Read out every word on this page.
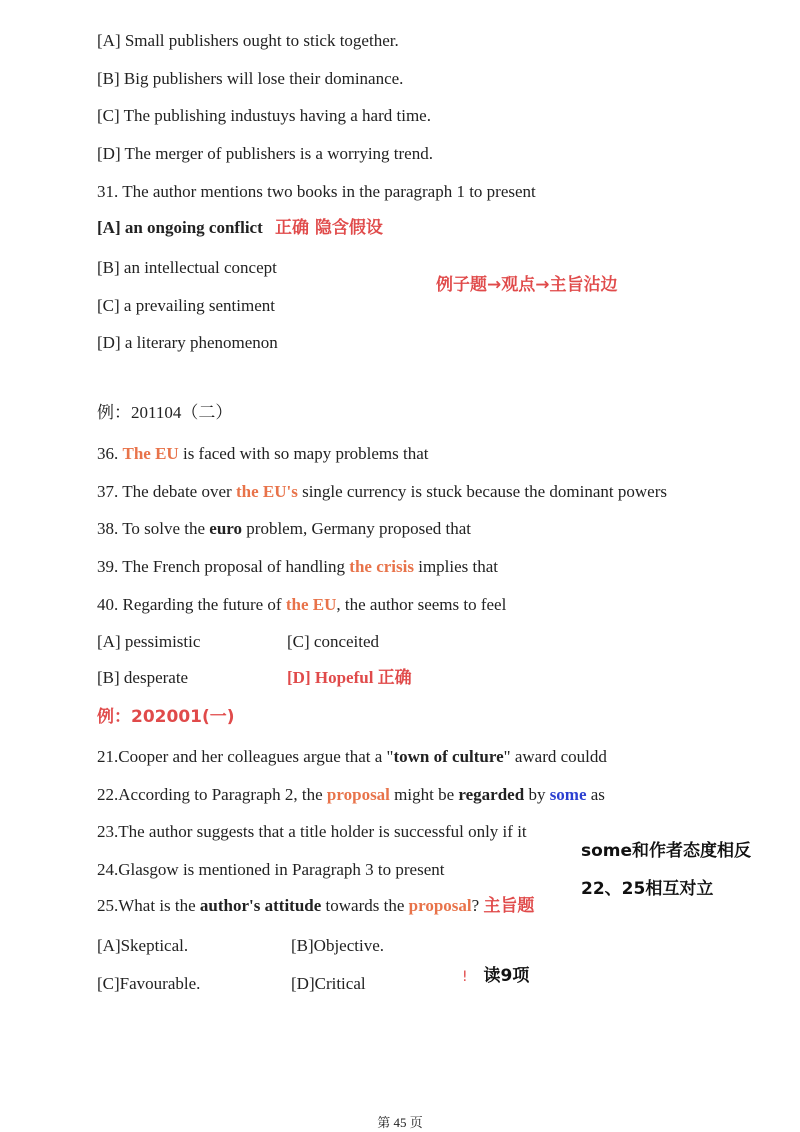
[A] Small publishers ought to stick together.
[B] Big publishers will lose their dominance.
[C] The publishing industuys having a hard time.
[D] The merger of publishers is a worrying trend.
31. The author mentions two books in the paragraph 1 to present
[A] an ongoing conflict 正确 隐含假设
[B] an intellectual concept
[C] a prevailing sentiment
[D] a literary phenomenon
例子题→观点→主旨沾边
例：201104（二）
36. The EU is faced with so mapy problems that
37. The debate over the EU's single currency is stuck because the dominant powers
38. To solve the euro problem, Germany proposed that
39. The French proposal of handling the crisis implies that
40. Regarding the future of the EU, the author seems to feel
[A] pessimistic	[C] conceited
[B] desperate	[D] Hopeful 正确
例：202001(一)
21.Cooper and her colleagues argue that a "town of culture" award couldd
22.According to Paragraph 2, the proposal might be regarded by some as
23.The author suggests that a title holder is successful only if it
24.Glasgow is mentioned in Paragraph 3 to present
25.What is the author's attitude towards the proposal? 主旨题
[A]Skeptical.	[B]Objective.
[C]Favourable.	[D]Critical
some和作者态度相反
22、25相互对立
! 读9项
第 45 页
